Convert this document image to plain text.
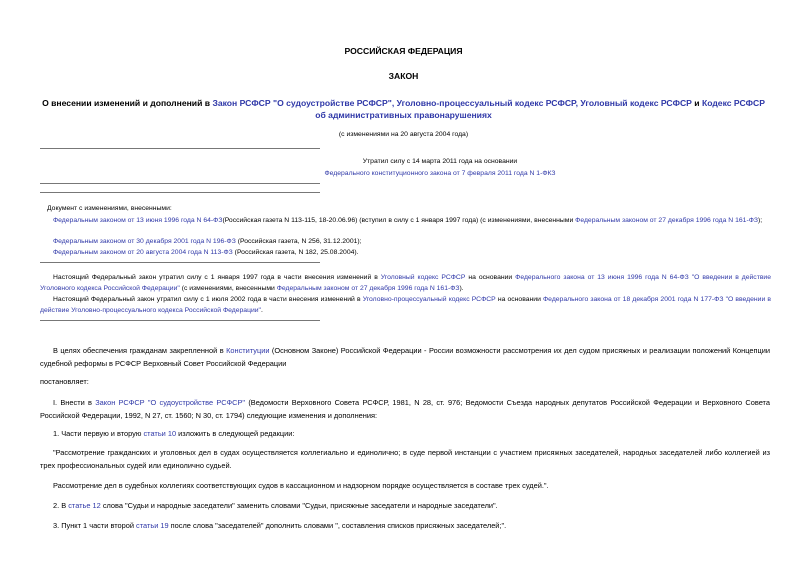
РОССИЙСКАЯ ФЕДЕРАЦИЯ
ЗАКОН
О внесении изменений и дополнений в Закон РСФСР "О судоустройстве РСФСР", Уголовно-процессуальный кодекс РСФСР, Уголовный кодекс РСФСР и Кодекс РСФСР об административных правонарушениях
(с изменениями на 20 августа 2004 года)
Утратил силу с 14 марта 2011 года на основании
Федерального конституционного закона от 7 февраля 2011 года N 1-ФКЗ
Документ с изменениями, внесенными:
Федеральным законом от 13 июня 1996 года N 64-ФЗ(Российская газета N 113-115, 18-20.06.96) (вступил в силу с 1 января 1997 года) (с изменениями, внесенными Федеральным законом от 27 декабря 1996 года N 161-ФЗ);
Федеральным законом от 30 декабря 2001 года N 196-ФЗ (Российская газета, N 256, 31.12.2001);
Федеральным законом от 20 августа 2004 года N 113-ФЗ (Российская газета, N 182, 25.08.2004).
Настоящий Федеральный закон утратил силу с 1 января 1997 года в части внесения изменений в Уголовный кодекс РСФСР на основании Федерального закона от 13 июня 1996 года N 64-ФЗ "О введении в действие Уголовного кодекса Российской Федерации" (с изменениями, внесенными Федеральным законом от 27 декабря 1996 года N 161-ФЗ).
Настоящий Федеральный закон утратил силу с 1 июля 2002 года в части внесения изменений в Уголовно-процессуальный кодекс РСФСР на основании Федерального закона от 18 декабря 2001 года N 177-ФЗ "О введении в действие Уголовно-процессуального кодекса Российской Федерации".
В целях обеспечения гражданам закрепленной в Конституции (Основном Законе) Российской Федерации - России возможности рассмотрения их дел судом присяжных и реализации положений Концепции судебной реформы в РСФСР Верховный Совет Российской Федерации
постановляет:
I. Внести в Закон РСФСР "О судоустройстве РСФСР" (Ведомости Верховного Совета РСФСР, 1981, N 28, ст. 976; Ведомости Съезда народных депутатов Российской Федерации и Верховного Совета Российской Федерации, 1992, N 27, ст. 1560; N 30, ст. 1794) следующие изменения и дополнения:
1. Части первую и вторую статьи 10 изложить в следующей редакции:
"Рассмотрение гражданских и уголовных дел в судах осуществляется коллегиально и единолично; в суде первой инстанции с участием присяжных заседателей, народных заседателей либо коллегией из трех профессиональных судей или единолично судьей.
Рассмотрение дел в судебных коллегиях соответствующих судов в кассационном и надзорном порядке осуществляется в составе трех судей.".
2. В статье 12 слова "Судьи и народные заседатели" заменить словами "Судьи, присяжные заседатели и народные заседатели".
3. Пункт 1 части второй статьи 19 после слова "заседателей" дополнить словами ", составления списков присяжных заседателей;".
